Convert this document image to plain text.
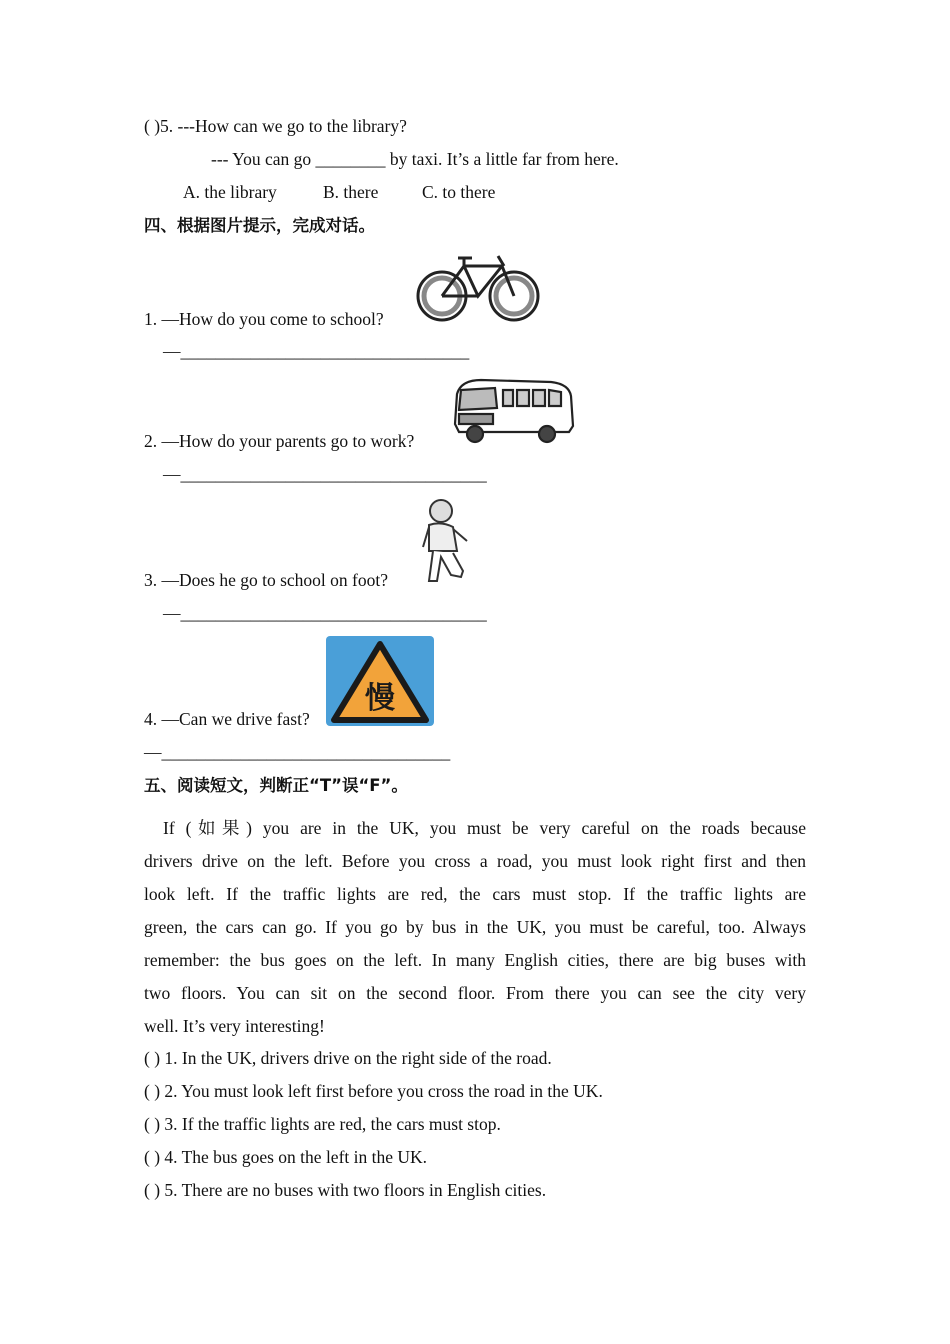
( )5. ---How can we go to the library?
--- You can go ________ by taxi. It’s a little far from here.
A. the library	B. there C. to there
四、根据图片提示，完成对话。
1. —How do you come to school?
—_________________________________
2. —How do your parents go to work?
—___________________________________
3. —Does he go to school on foot?
—___________________________________
慢
4. —Can we drive fast?
—_________________________________
五、阅读短文，判断正“T”误“F”。
If (如果) you are in the UK, you must be very careful on the roads because
drivers drive on the left. Before you cross a road, you must look right first and then
look left. If the traffic lights are red, the cars must stop. If the traffic lights are
green, the cars can go. If you go by bus in the UK, you must be careful, too. Always
remember: the bus goes on the left. In many English cities, there are big buses with
two floors. You can sit on the second floor. From there you can see the city very
well. It’s very interesting!
( ) 1. In the UK, drivers drive on the right side of the road.
( ) 2. You must look left first before you cross the road in the UK.
( ) 3. If the traffic lights are red, the cars must stop.
( ) 4. The bus goes on the left in the UK.
( ) 5. There are no buses with two floors in English cities.
